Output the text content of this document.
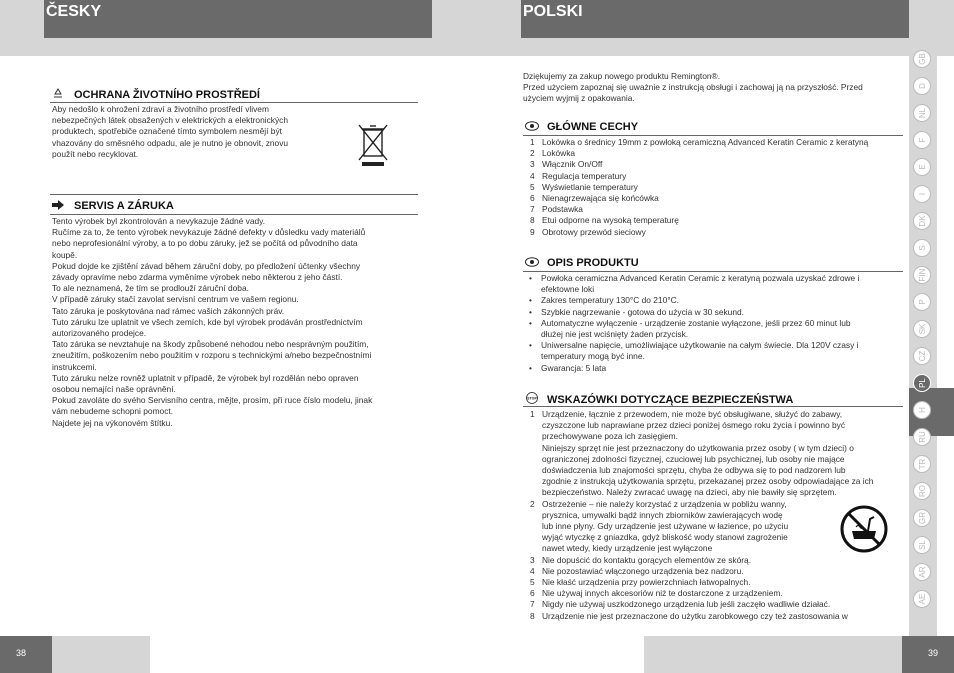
ČESKY	POLSKI
OCHRANA ŽIVOTNÍHO PROSTŘEDÍ
Aby nedošlo k ohrožení zdraví a životního prostředí vlivem
nebezpečných látek obsažených v elektrických a elektronických
produktech, spotřebiče označené tímto symbolem nesmějí být
vhazovány do směsného odpadu, ale je nutno je obnovit, znovu
použít nebo recyklovat.
SERVIS A ZÁRUKA
Tento výrobek byl zkontrolován a nevykazuje žádné vady.
Ručíme za to, že tento výrobek nevykazuje žádné defekty v důsledku vady materiálů
nebo neprofesionální výroby, a to po dobu záruky, jež se počítá od původního data
koupě.
Pokud dojde ke zjištění závad během záruční doby, po předložení účtenky všechny
závady opravíme nebo zdarma vyměníme výrobek nebo některou z jeho částí.
To ale neznamená, že tím se prodlouží záruční doba.
V případě záruky stačí zavolat servisní centrum ve vašem regionu.
Tato záruka je poskytována nad rámec vašich zákonných práv.
Tuto záruku lze uplatnit ve všech zemích, kde byl výrobek prodáván prostřednictvím
autorizovaného prodejce.
Tato záruka se nevztahuje na škody způsobené nehodou nebo nesprávným použitím,
zneužitím, poškozením nebo použitím v rozporu s technickými a/nebo bezpečnostními
instrukcemi.
Tuto záruku nelze rovněž uplatnit v případě, že výrobek byl rozdělán nebo opraven
osobou nemající naše oprávnění.
Pokud zavoláte do svého Servisního centra, mějte, prosím, při ruce číslo modelu, jinak
vám nebudeme schopni pomoct.
Najdete jej na výkonovém štítku.
Dziękujemy za zakup nowego produktu Remington®.
Przed użyciem zapoznaj się uważnie z instrukcją obsługi i zachowaj ją na przyszłość. Przed
użyciem wyjmij z opakowania.
GŁÓWNE CECHY
1 Lokówka o średnicy 19mm z powłoką ceramiczną Advanced Keratin Ceramic z keratyną
2 Lokówka
3 Włącznik On/Off
4 Regulacja temperatury
5 Wyświetlanie temperatury
6 Nienagrzewająca się końcówka
7 Podstawka
8 Etui odporne na wysoką temperaturę
9 Obrotowy przewód sieciowy
OPIS PRODUKTU
• Powłoka ceramiczna Advanced Keratin Ceramic z keratyną pozwala uzyskać zdrowe i
efektowne loki
• Zakres temperatury 130°C do 210°C.
• Szybkie nagrzewanie - gotowa do użycia w 30 sekund.
• Automatyczne wyłączenie - urządzenie zostanie wyłączone, jeśli przez 60 minut lub
dłużej nie jest wciśnięty żaden przycisk.
• Uniwersalne napięcie, umożliwiające użytkowanie na całym świecie. Dla 120V czasy i
temperatury mogą być inne.
• Gwarancja: 5 lata
STOP WSKAZÓWKI DOTYCZĄCE BEZPIECZEŃSTWA
1 Urządzenie, łącznie z przewodem, nie może być obsługiwane, służyć do zabawy,
czyszczone lub naprawiane przez dzieci poniżej ósmego roku życia i powinno być
przechowywane poza ich zasięgiem.
Niniejszy sprzęt nie jest przeznaczony do użytkowania przez osoby ( w tym dzieci) o
ograniczonej zdolności fizycznej, czuciowej lub psychicznej, lub osoby nie mające
doświadczenia lub znajomości sprzętu, chyba że odbywa się to pod nadzorem lub
zgodnie z instrukcją użytkowania sprzętu, przekazanej przez osoby odpowiadające za ich
bezpieczeństwo. Należy zwracać uwagę na dzieci, aby nie bawiły się sprzętem.
2 Ostrzeżenie – nie należy korzystać z urządzenia w pobliżu wanny,
prysznica, umywalki bądź innych zbiorników zawierających wodę
lub inne płyny. Gdy urządzenie jest używane w łazience, po użyciu
wyjąć wtyczkę z gniazdka, gdyż bliskość wody stanowi zagrożenie
nawet wtedy, kiedy urządzenie jest wyłączone
3 Nie dopuścić do kontaktu gorących elementów ze skórą.
4 Nie pozostawiać włączonego urządzenia bez nadzoru.
5 Nie kłaść urządzenia przy powierzchniach łatwopalnych.
6 Nie używaj innych akcesoriów niż te dostarczone z urządzeniem.
7 Nigdy nie używaj uszkodzonego urządzenia lub jeśli zaczęło wadliwie działać.
8 Urządzenie nie jest przeznaczone do użytku zarobkowego czy też zastosowania w
GB
D
NL
F
E
I
DK
S
FIN
P
SK
CZ
PL
H
RU
TR
RO
GR
SL
AR
AE
38	39
